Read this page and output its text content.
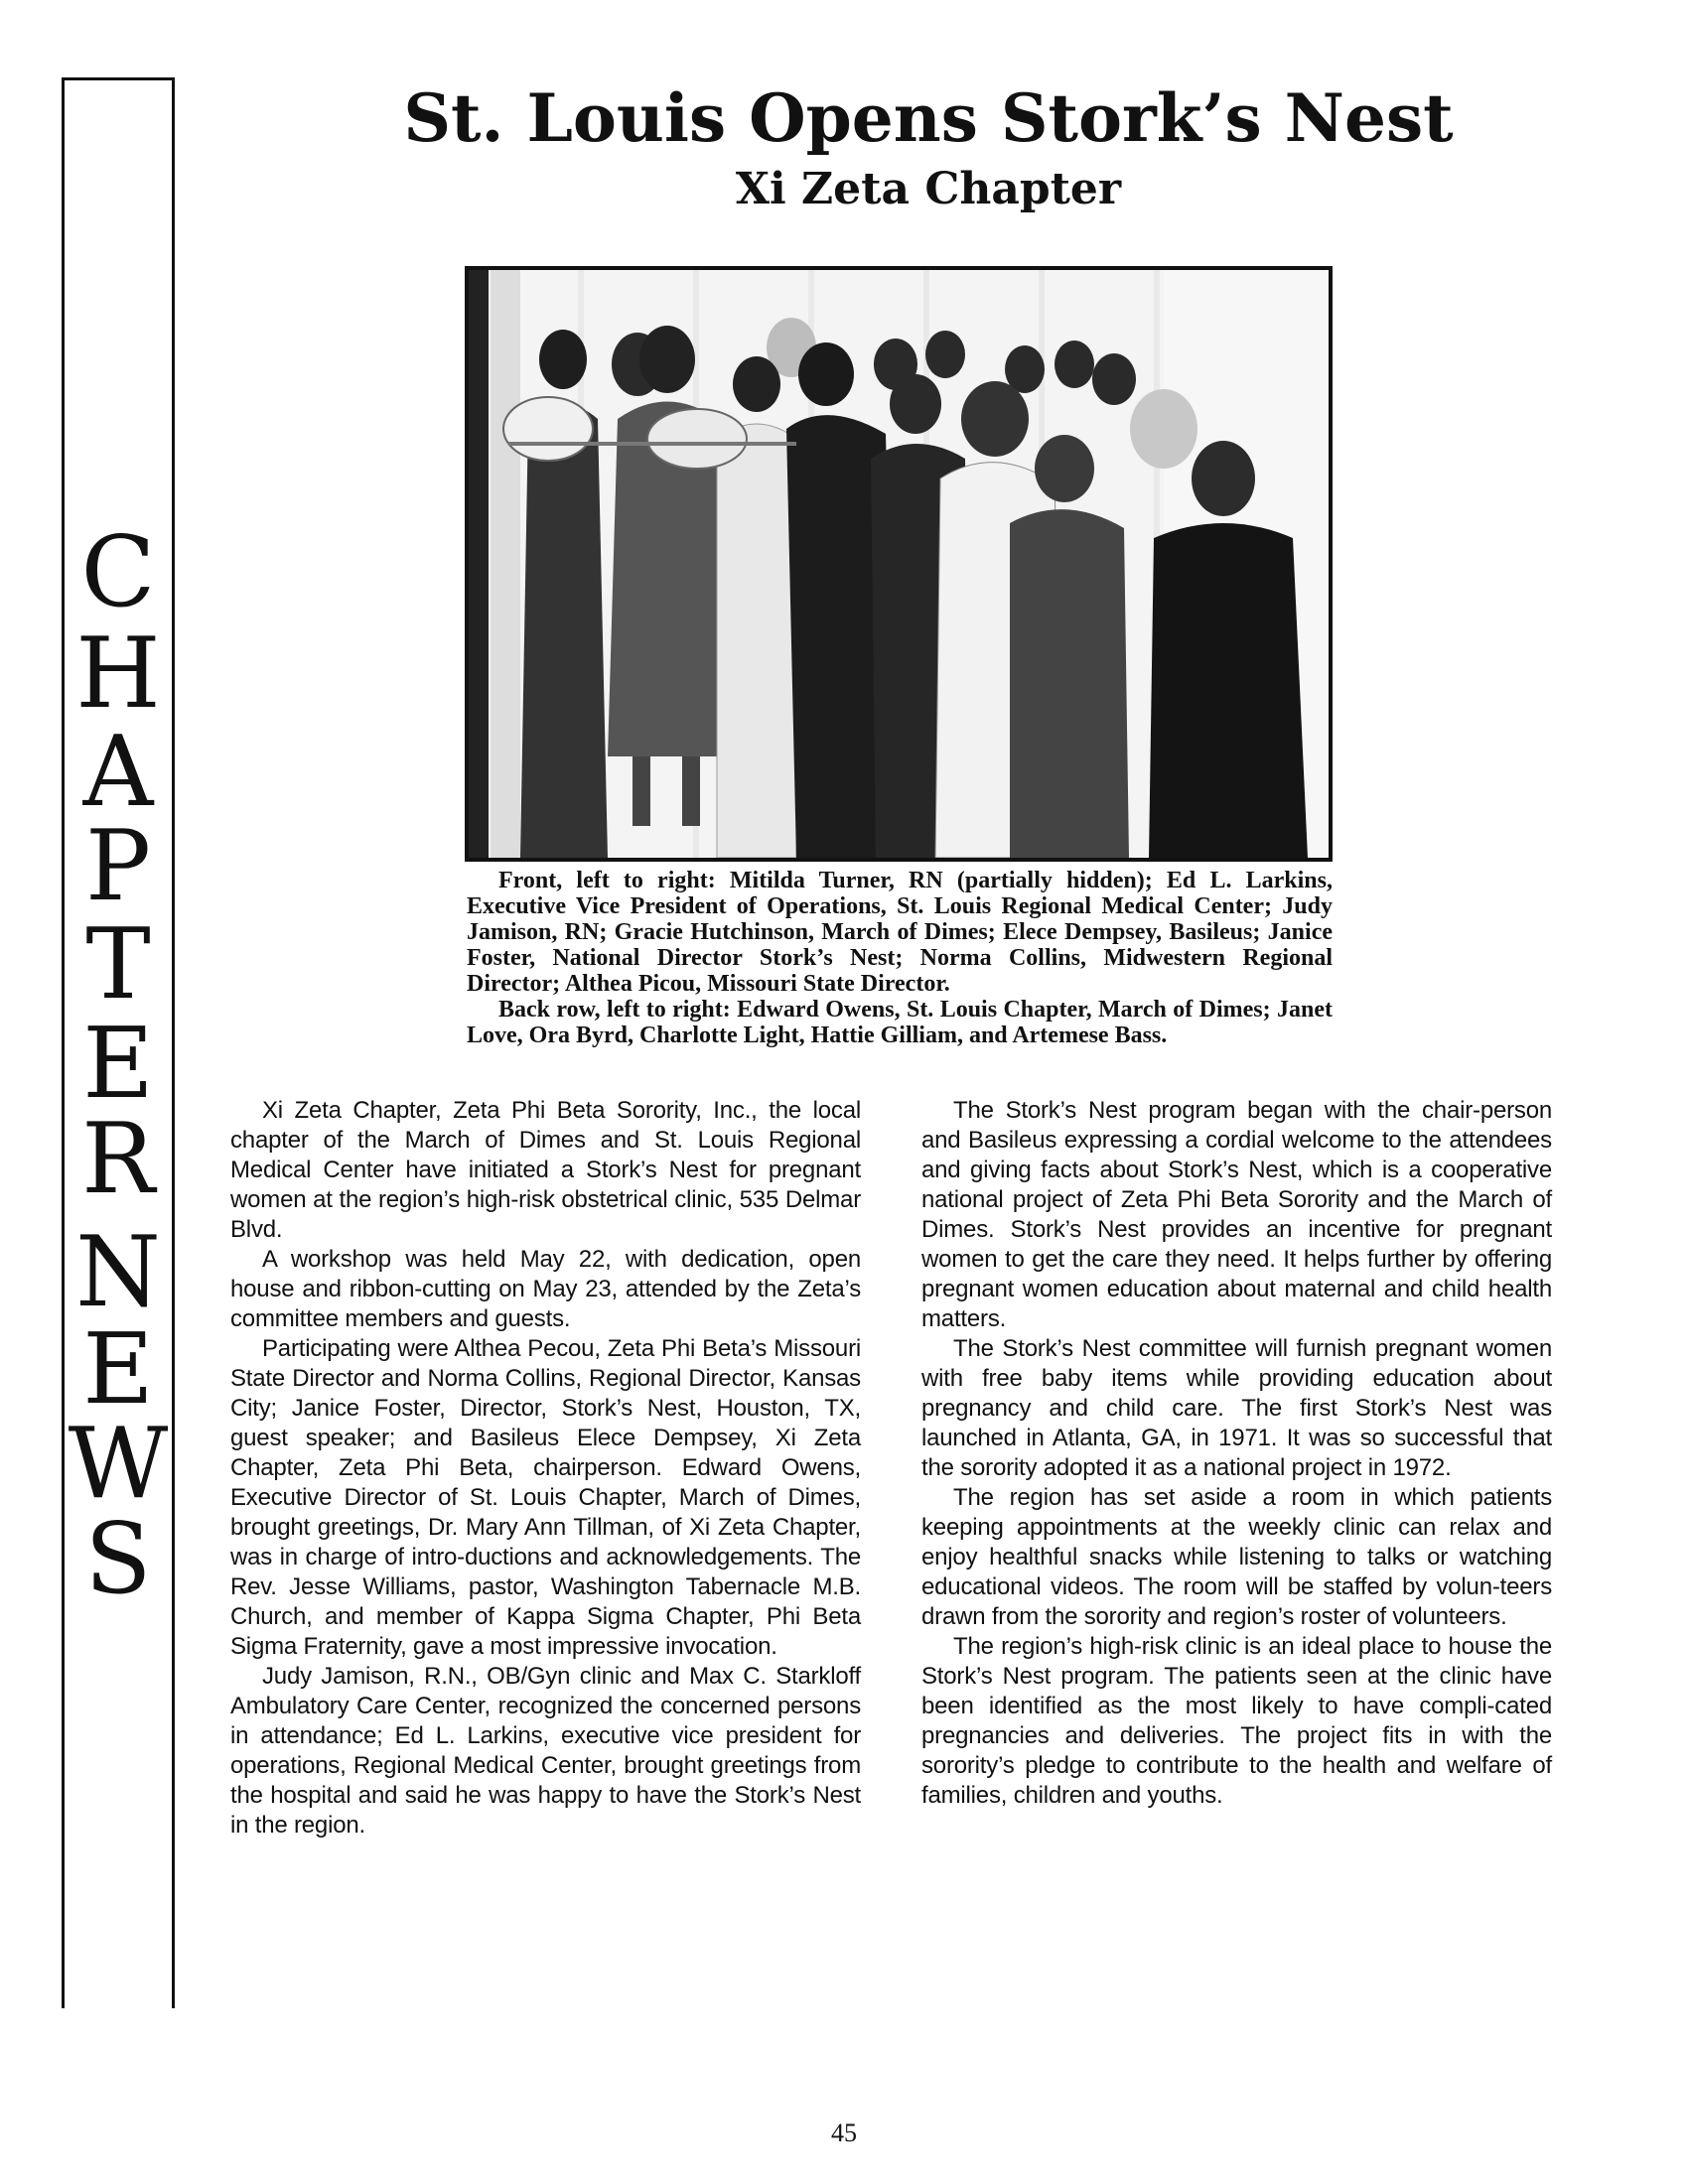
C
H
A
P
T
E
R
N
E
W
S
St. Louis Opens Stork’s Nest
Xi Zeta Chapter

Front, left to right: Mitilda Turner, RN (partially hidden); Ed L. Larkins, Executive Vice President of Operations, St. Louis Regional Medical Center; Judy Jamison, RN; Gracie Hutchinson, March of Dimes; Elece Dempsey, Basileus; Janice Foster, National Director Stork’s Nest; Norma Collins, Midwestern Regional Director; Althea Picou, Missouri State Director.

Back row, left to right: Edward Owens, St. Louis Chapter, March of Dimes; Janet Love, Ora Byrd, Charlotte Light, Hattie Gilliam, and Artemese Bass.

Xi Zeta Chapter, Zeta Phi Beta Sorority, Inc., the local chapter of the March of Dimes and St. Louis Regional Medical Center have initiated a Stork’s Nest for pregnant women at the region’s high-risk obstetrical clinic, 535 Delmar Blvd.

A workshop was held May 22, with dedication, open house and ribbon-cutting on May 23, attended by the Zeta’s committee members and guests.

Participating were Althea Pecou, Zeta Phi Beta’s Missouri State Director and Norma Collins, Regional Director, Kansas City; Janice Foster, Director, Stork’s Nest, Houston, TX, guest speaker; and Basileus Elece Dempsey, Xi Zeta Chapter, Zeta Phi Beta, chairperson. Edward Owens, Executive Director of St. Louis Chapter, March of Dimes, brought greetings, Dr. Mary Ann Tillman, of Xi Zeta Chapter, was in charge of intro-ductions and acknowledgements. The Rev. Jesse Williams, pastor, Washington Tabernacle M.B. Church, and member of Kappa Sigma Chapter, Phi Beta Sigma Fraternity, gave a most impressive invocation.

Judy Jamison, R.N., OB/Gyn clinic and Max C. Starkloff Ambulatory Care Center, recognized the concerned persons in attendance; Ed L. Larkins, executive vice president for operations, Regional Medical Center, brought greetings from the hospital and said he was happy to have the Stork’s Nest in the region.

The Stork’s Nest program began with the chair-person and Basileus expressing a cordial welcome to the attendees and giving facts about Stork’s Nest, which is a cooperative national project of Zeta Phi Beta Sorority and the March of Dimes. Stork’s Nest provides an incentive for pregnant women to get the care they need. It helps further by offering pregnant women education about maternal and child health matters.

The Stork’s Nest committee will furnish pregnant women with free baby items while providing education about pregnancy and child care. The first Stork’s Nest was launched in Atlanta, GA, in 1971. It was so successful that the sorority adopted it as a national project in 1972.

The region has set aside a room in which patients keeping appointments at the weekly clinic can relax and enjoy healthful snacks while listening to talks or watching educational videos. The room will be staffed by volun-teers drawn from the sorority and region’s roster of volunteers.

The region’s high-risk clinic is an ideal place to house the Stork’s Nest program. The patients seen at the clinic have been identified as the most likely to have compli-cated pregnancies and deliveries. The project fits in with the sorority’s pledge to contribute to the health and welfare of families, children and youths.

45
